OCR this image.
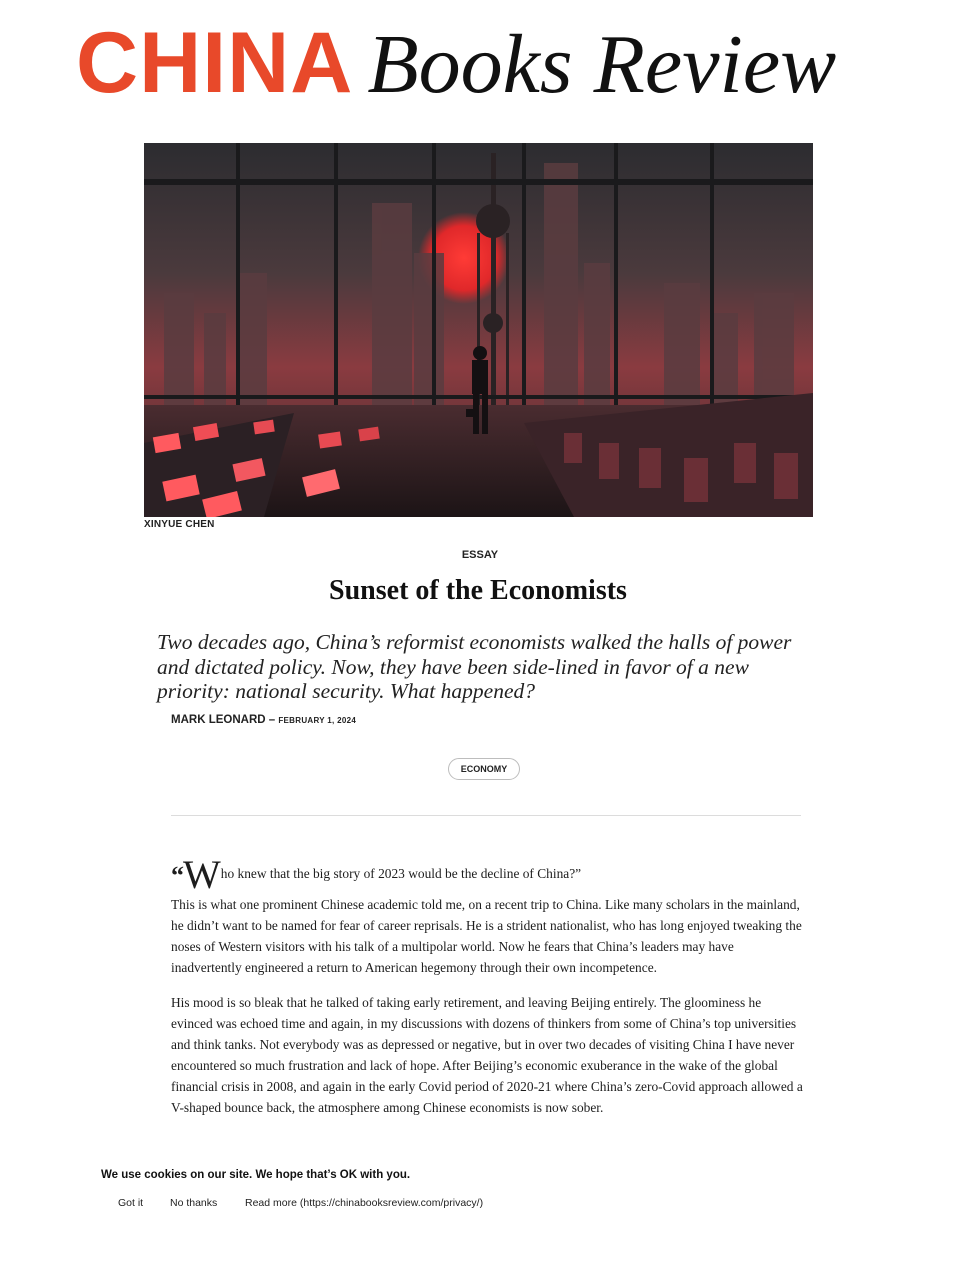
CHINA Books Review
XINYUE CHEN
ESSAY
Sunset of the Economists

Two decades ago, China’s reformist economists walked the halls of power and dictated policy. Now, they have been side-lined in favor of a new priority: national security. What happened?

MARK LEONARD – FEBRUARY 1, 2024
ECONOMY

“Who knew that the big story of 2023 would be the decline of China?”

This is what one prominent Chinese academic told me, on a recent trip to China. Like many scholars in the mainland, he didn’t want to be named for fear of career reprisals. He is a strident nationalist, who has long enjoyed tweaking the noses of Western visitors with his talk of a multipolar world. Now he fears that China’s leaders may have inadvertently engineered a return to American hegemony through their own incompetence.

His mood is so bleak that he talked of taking early retirement, and leaving Beijing entirely. The gloominess he evinced was echoed time and again, in my discussions with dozens of thinkers from some of China’s top universities and think tanks. Not everybody was as depressed or negative, but in over two decades of visiting China I have never encountered so much frustration and lack of hope. After Beijing’s economic exuberance in the wake of the global financial crisis in 2008, and again in the early Covid period of 2020-21 where China’s zero-Covid approach allowed a V-shaped bounce back, the atmosphere among Chinese economists is now sober.

We use cookies on our site. We hope that’s OK with you.
Got it	No thanks	Read more (https://chinabooksreview.com/privacy/)
